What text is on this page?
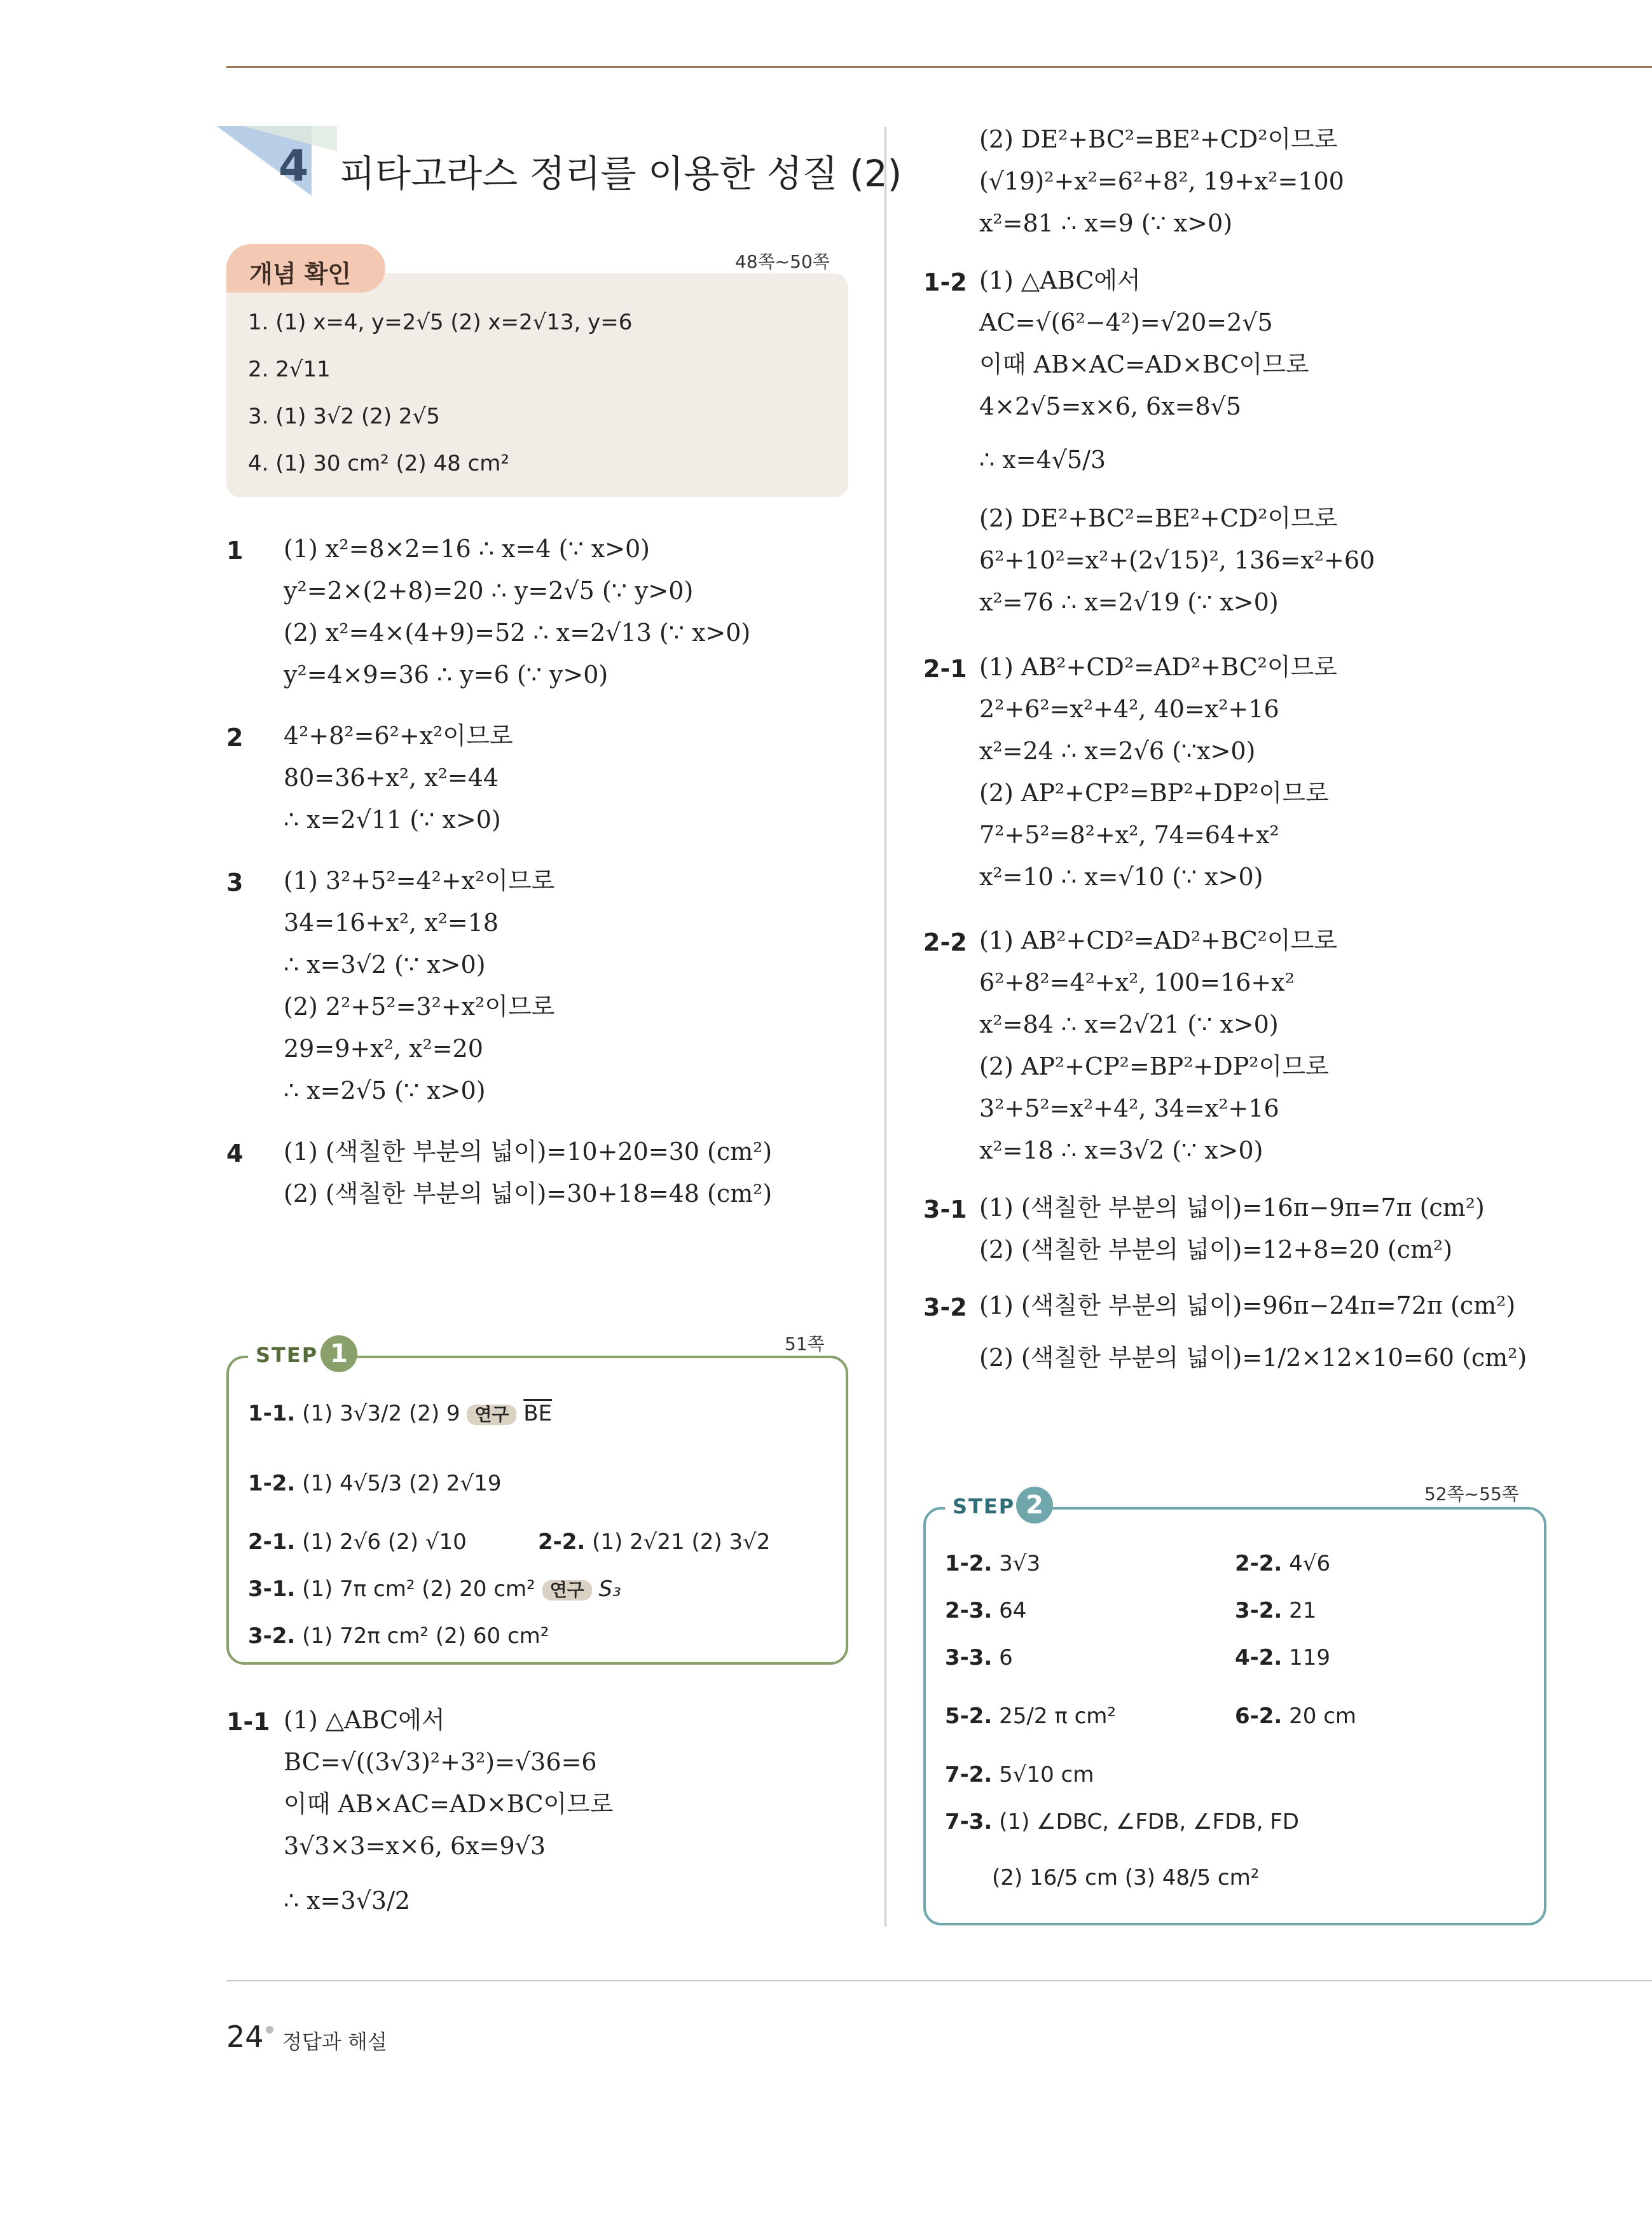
4 피타고라스 정리를 이용한 성질 (2)
개념 확인	48쪽~50쪽
1. (1) x=4, y=2√5 (2) x=2√13, y=6
2. 2√11
3. (1) 3√2 (2) 2√5
4. (1) 30 cm² (2) 48 cm²
1 (1) x²=8×2=16 ∴ x=4 (∵ x>0)
y²=2×(2+8)=20 ∴ y=2√5 (∵ y>0)
(2) x²=4×(4+9)=52 ∴ x=2√13 (∵ x>0)
y²=4×9=36 ∴ y=6 (∵ y>0)
2 4²+8²=6²+x²이므로
80=36+x², x²=44
∴ x=2√11 (∵ x>0)
3 (1) 3²+5²=4²+x²이므로
34=16+x², x²=18
∴ x=3√2 (∵ x>0)
(2) 2²+5²=3²+x²이므로
29=9+x², x²=20
∴ x=2√5 (∵ x>0)
4 (1) (색칠한 부분의 넓이)=10+20=30 (cm²)
(2) (색칠한 부분의 넓이)=30+18=48 (cm²)
STEP 1	51쪽
1-1. (1) 3√3/2 (2) 9 연구 $\overline{BE}$
1-2. (1) 4√5/3 (2) 2√19
2-1. (1) 2√6 (2) √10	2-2. (1) 2√21 (2) 3√2
3-1. (1) 7π cm² (2) 20 cm² 연구 S₃
3-2. (1) 72π cm² (2) 60 cm²
1-1 (1) △ABC에서
BC=√((3√3)²+3²)=√36=6
이때 AB×AC=AD×BC이므로
3√3×3=x×6, 6x=9√3
∴ x=3√3/2
(2) DE²+BC²=BE²+CD²이므로
(√19)²+x²=6²+8², 19+x²=100
x²=81 ∴ x=9 (∵ x>0)
1-2 (1) △ABC에서
AC=√(6²−4²)=√20=2√5
이때 AB×AC=AD×BC이므로
4×2√5=x×6, 6x=8√5
∴ x=4√5/3
(2) DE²+BC²=BE²+CD²이므로
6²+10²=x²+(2√15)², 136=x²+60
x²=76 ∴ x=2√19 (∵ x>0)
2-1 (1) AB²+CD²=AD²+BC²이므로
2²+6²=x²+4², 40=x²+16
x²=24 ∴ x=2√6 (∵x>0)
(2) AP²+CP²=BP²+DP²이므로
7²+5²=8²+x², 74=64+x²
x²=10 ∴ x=√10 (∵ x>0)
2-2 (1) AB²+CD²=AD²+BC²이므로
6²+8²=4²+x², 100=16+x²
x²=84 ∴ x=2√21 (∵ x>0)
(2) AP²+CP²=BP²+DP²이므로
3²+5²=x²+4², 34=x²+16
x²=18 ∴ x=3√2 (∵ x>0)
3-1 (1) (색칠한 부분의 넓이)=16π−9π=7π (cm²)
(2) (색칠한 부분의 넓이)=12+8=20 (cm²)
3-2 (1) (색칠한 부분의 넓이)=96π−24π=72π (cm²)
(2) (색칠한 부분의 넓이)=1/2×12×10=60 (cm²)
STEP 2	52쪽~55쪽
1-2. 3√3	2-2. 4√6
2-3. 64	3-2. 21
3-3. 6	4-2. 119
5-2. 25/2 π cm²	6-2. 20 cm
7-2. 5√10 cm
7-3. (1) ∠DBC, ∠FDB, ∠FDB, FD
(2) 16/5 cm (3) 48/5 cm²
24 정답과 해설
